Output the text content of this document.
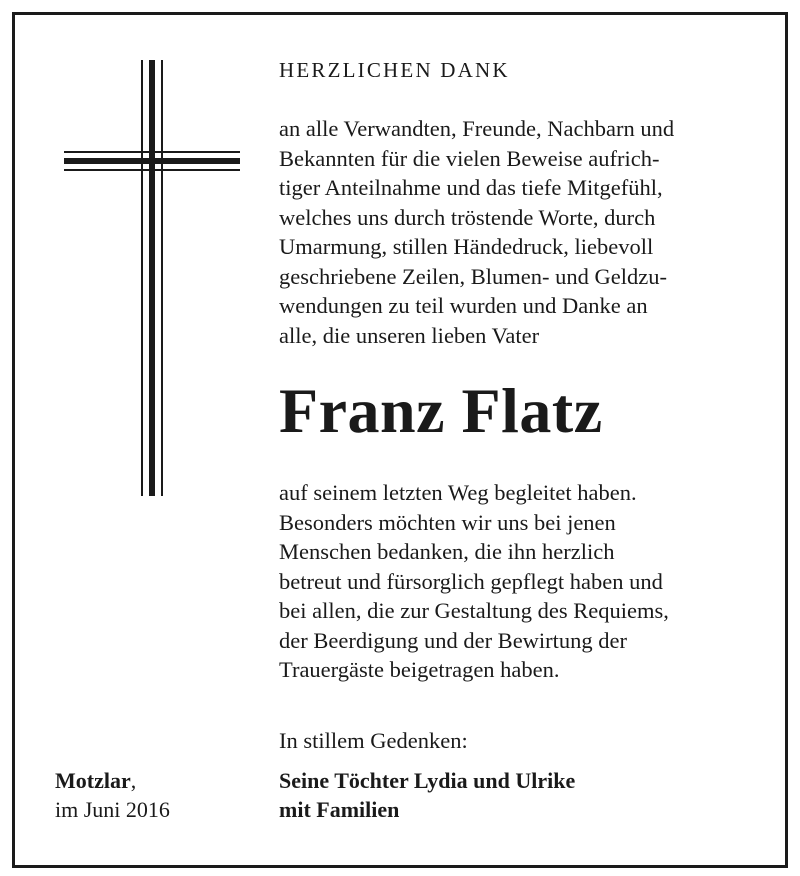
HERZLICHEN DANK
an alle Verwandten, Freunde, Nachbarn und
Bekannten für die vielen Beweise aufrich-
tiger Anteilnahme und das tiefe Mitgefühl,
welches uns durch tröstende Worte, durch
Umarmung, stillen Händedruck, liebevoll
geschriebene Zeilen, Blumen- und Geldzu-
wendungen zu teil wurden und Danke an
alle, die unseren lieben Vater
Franz Flatz
auf seinem letzten Weg begleitet haben.
Besonders möchten wir uns bei jenen
Menschen bedanken, die ihn herzlich
betreut und fürsorglich gepflegt haben und
bei allen, die zur Gestaltung des Requiems,
der Beerdigung und der Bewirtung der
Trauergäste beigetragen haben.
In stillem Gedenken:
Motzlar,
im Juni 2016
Seine Töchter Lydia und Ulrike
mit Familien
